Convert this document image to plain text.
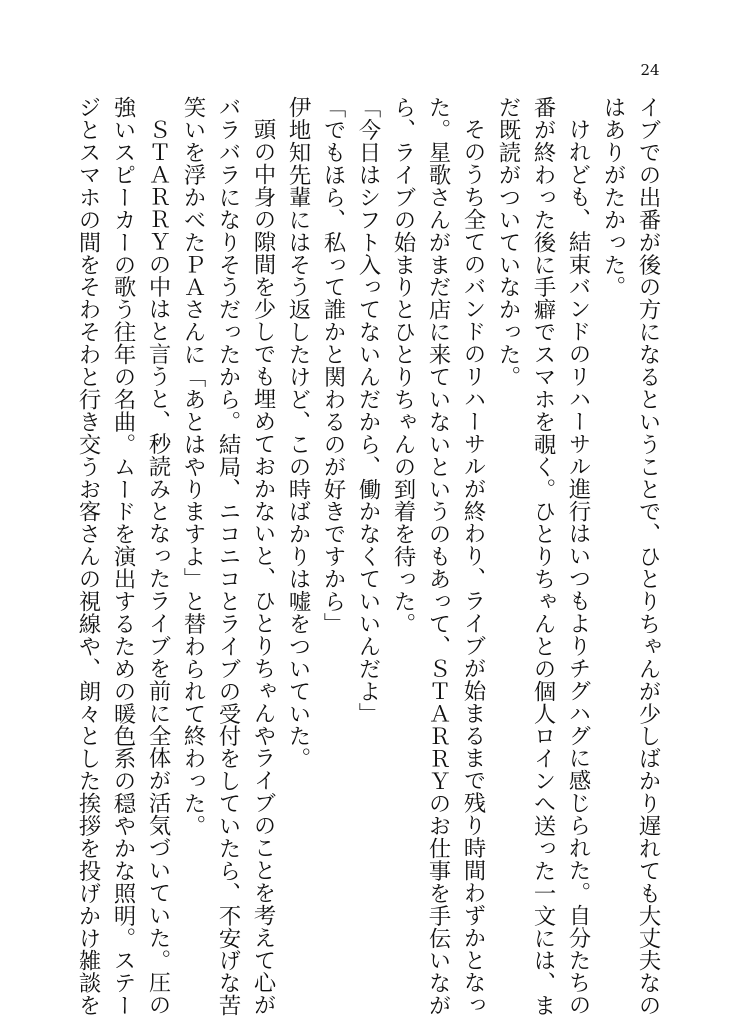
24
イブでの出番が後の方になるということで、ひとりちゃんが少しばかり遅れても大丈夫なの
はありがたかった。
けれども、結束バンドのリハーサル進行はいつもよりチグハグに感じられた。自分たちの
番が終わった後に手癖でスマホを覗く。ひとりちゃんとの個人ロインへ送った一文には、ま
だ既読がついていなかった。
そのうち全てのバンドのリハーサルが終わり、ライブが始まるまで残り時間わずかとなっ
た。星歌さんがまだ店に来ていないというのもあって、ＳＴＡＲＲＹのお仕事を手伝いなが
ら、ライブの始まりとひとりちゃんの到着を待った。
「今日はシフト入ってないんだから、働かなくていいんだよ」
「でもほら、私って誰かと関わるのが好きですから」
伊地知先輩にはそう返したけど、この時ばかりは嘘をついていた。
頭の中身の隙間を少しでも埋めておかないと、ひとりちゃんやライブのことを考えて心が
バラバラになりそうだったから。結局、ニコニコとライブの受付をしていたら、不安げな苦
笑いを浮かべたＰＡさんに「あとはやりますよ」と替わられて終わった。
ＳＴＡＲＲＹの中はと言うと、秒読みとなったライブを前に全体が活気づいていた。圧の
強いスピーカーの歌う往年の名曲。ムードを演出するための暖色系の穏やかな照明。ステー
ジとスマホの間をそわそわと行き交うお客さんの視線や、朗々とした挨拶を投げかけ雑談を
